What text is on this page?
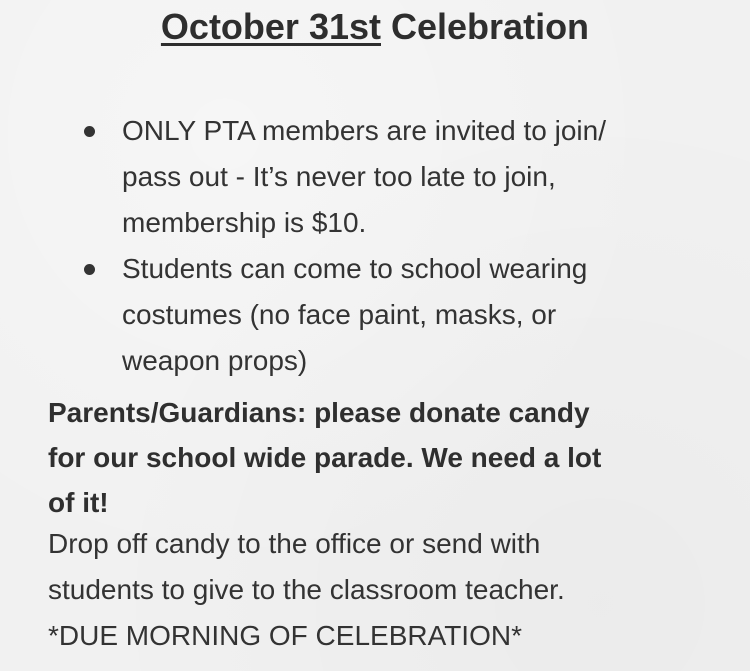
October 31st Celebration
ONLY PTA members are invited to join/
pass out - It’s never too late to join,
membership is $10.
Students can come to school wearing
costumes (no face paint, masks, or
weapon props)
Parents/Guardians: please donate candy
for our school wide parade. We need a lot
of it!
Drop off candy to the office or send with
students to give to the classroom teacher.
*DUE MORNING OF CELEBRATION*
